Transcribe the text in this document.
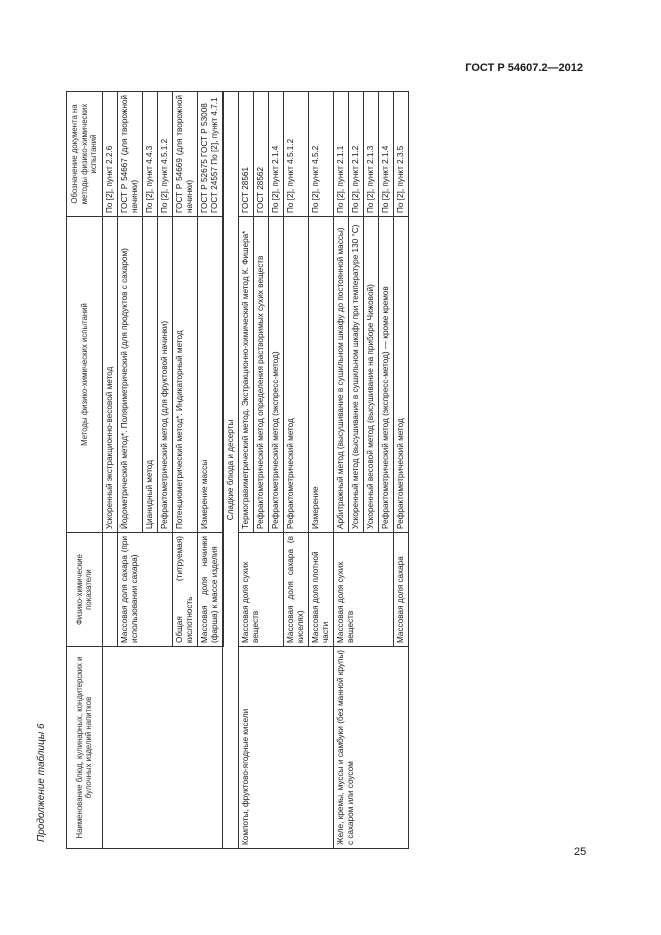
ГОСТ Р 54607.2—2012
Продолжение таблицы 6
25
Наименование блюд, кулинарных, кондитерских и булочных изделий напитков	Физико-химические показатели	Методы физико-химических испытаний	Обозначение документа на методы физико-химических испытаний
		Ускоренный экстракционно-весовой метод	По [2], пункт 2.2.6
	Массовая доля сахара (при использовании сахара)	Йодометрический метод*. Поляриметрический (для продуктов с сахаром)	ГОСТ Р 54667 (для творожной начинки)
		Цианидный метод	По [2], пункт 4.4.3
		Рефрактометрический метод (для фруктовой начинки)	По [2], пункт 4.5.1.2
	Общая (титруемая) кислотность	Потенциометрический метод*. Индикаторный метод	ГОСТ Р 54669 (для творожной начинки)
	Массовая доля начинки (фарша) к массе изделия	Измерение массы	ГОСТ Р 52675 ГОСТ Р 53008 ГОСТ 24557 По [2], пункт 4.7.1
Сладкие блюда и десерты			
Компоты, фруктово-ягодные кисели	Массовая доля сухих веществ	Термогравиметрический метод. Экстракционно-химический метод К. Фишера*	ГОСТ 28561
		Рефрактометрический метод определения растворимых сухих веществ	ГОСТ 28562
		Рефрактометрический метод (экспресс-метод)	По [2], пункт 2.1.4
	Массовая доля сахара (в киселях)	Рефрактометрический метод	По [2], пункт 4.5.1.2
	Массовая доля плотной части	Измерение	По [2], пункт 4.5.2
Желе, кремы, муссы и самбуки (без манной крупы) с сахаром или соусом	Массовая доля сухих веществ	Арбитражный метод (высушивание в сушильном шкафу до постоянной массы)	По [2], пункт 2.1.1
		Ускоренный метод (высушивание в сушильном шкафу при температуре 130 °С)	По [2], пункт 2.1.2
		Ускоренный весовой метод (высушивание на приборе Чижовой)	По [2], пункт 2.1.3
		Рефрактометрический метод (экспресс-метод) — кроме кремов	По [2], пункт 2.1.4
	Массовая доля сахара	Рефрактометрический метод	По [2], пункт 2.3.5
